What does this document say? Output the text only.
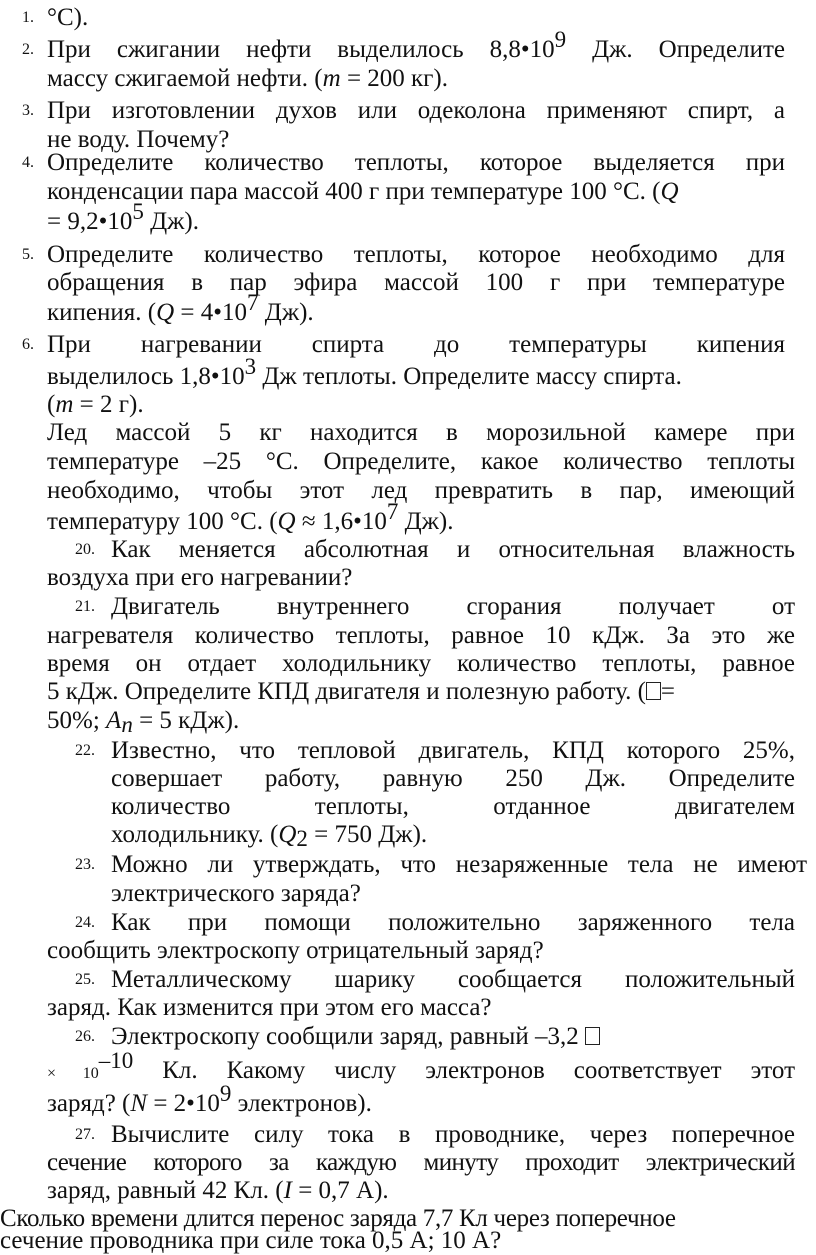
1. °C).
2. При сжигании нефти выделилось $8,8•10^9$ Дж. Определите
массу сжигаемой нефти. (m = 200 кг).
3. При изготовлении духов или одеколона применяют спирт, а
не воду. Почему?
4. Определите количество теплоты, которое выделяется при
конденсации пара массой 400 г при температуре 100 °C. (Q
= $9,2•10^5$ Дж).
5. Определите количество теплоты, которое необходимо для
обращения в пар эфира массой 100 г при температуре
кипения. ($Q = 4•10^7$ Дж).
6. При нагревании спирта до температуры кипения
выделилось $1,8•10^3$ Дж теплоты. Определите массу спирта.
(m = 2 г).
Лед массой 5 кг находится в морозильной камере при
температуре –25 °C. Определите, какое количество теплоты
необходимо, чтобы этот лед превратить в пар, имеющий
температуру 100 °C. ($Q \approx 1,6•10^7$ Дж).
20. Как меняется абсолютная и относительная влажность
воздуха при его нагревании?
21. Двигатель внутреннего сгорания получает от
нагревателя количество теплоты, равное 10 кДж. За это же
время он отдает холодильнику количество теплоты, равное
5 кДж. Определите КПД двигателя и полезную работу. ( =
50%; $A_п = 5$ кДж).
22. Известно, что тепловой двигатель, КПД которого 25%,
совершает работу, равную 250 Дж. Определите
количество теплоты, отданное двигателем
холодильнику. ($Q_2 = 750$ Дж).
23. Можно ли утверждать, что незаряженные тела не имеют
электрического заряда?
24. Как при помощи положительно заряженного тела
сообщить электроскопу отрицательный заряд?
25. Металлическому шарику сообщается положительный
заряд. Как изменится при этом его масса?
26. Электроскопу сообщили заряд, равный –3,2
× $10^{-10}$ Кл. Какому числу электронов соответствует этот
заряд? ($N = 2•10^9$ электронов).
27. Вычислите силу тока в проводнике, через поперечное
сечение которого за каждую минуту проходит электрический
заряд, равный 42 Кл. (I = 0,7 А).
Сколько времени длится перенос заряда 7,7 Кл через поперечное
сечение проводника при силе тока 0,5 А; 10 А?
